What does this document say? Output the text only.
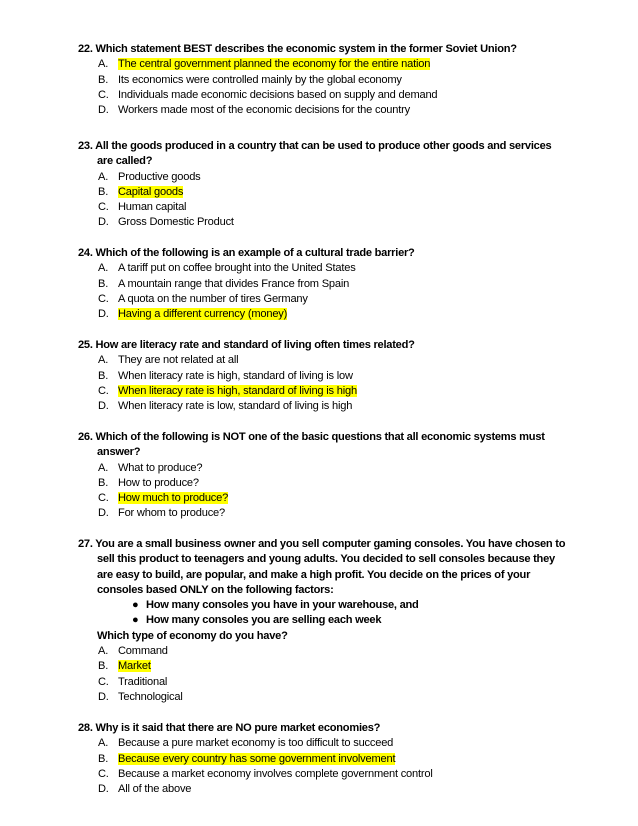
22. Which statement BEST describes the economic system in the former Soviet Union?
A. The central government planned the economy for the entire nation
B. Its economics were controlled mainly by the global economy
C. Individuals made economic decisions based on supply and demand
D. Workers made most of the economic decisions for the country
23. All the goods produced in a country that can be used to produce other goods and services
are called?
A. Productive goods
B. Capital goods
C. Human capital
D. Gross Domestic Product
24. Which of the following is an example of a cultural trade barrier?
A. A tariff put on coffee brought into the United States
B. A mountain range that divides France from Spain
C. A quota on the number of tires Germany
D. Having a different currency (money)
25. How are literacy rate and standard of living often times related?
A. They are not related at all
B. When literacy rate is high, standard of living is low
C. When literacy rate is high, standard of living is high
D. When literacy rate is low, standard of living is high
26. Which of the following is NOT one of the basic questions that all economic systems must
answer?
A. What to produce?
B. How to produce?
C. How much to produce?
D. For whom to produce?
27. You are a small business owner and you sell computer gaming consoles. You have chosen to
sell this product to teenagers and young adults. You decided to sell consoles because they
are easy to build, are popular, and make a high profit. You decide on the prices of your
consoles based ONLY on the following factors:
● How many consoles you have in your warehouse, and
● How many consoles you are selling each week
Which type of economy do you have?
A. Command
B. Market
C. Traditional
D. Technological
28. Why is it said that there are NO pure market economies?
A. Because a pure market economy is too difficult to succeed
B. Because every country has some government involvement
C. Because a market economy involves complete government control
D. All of the above
